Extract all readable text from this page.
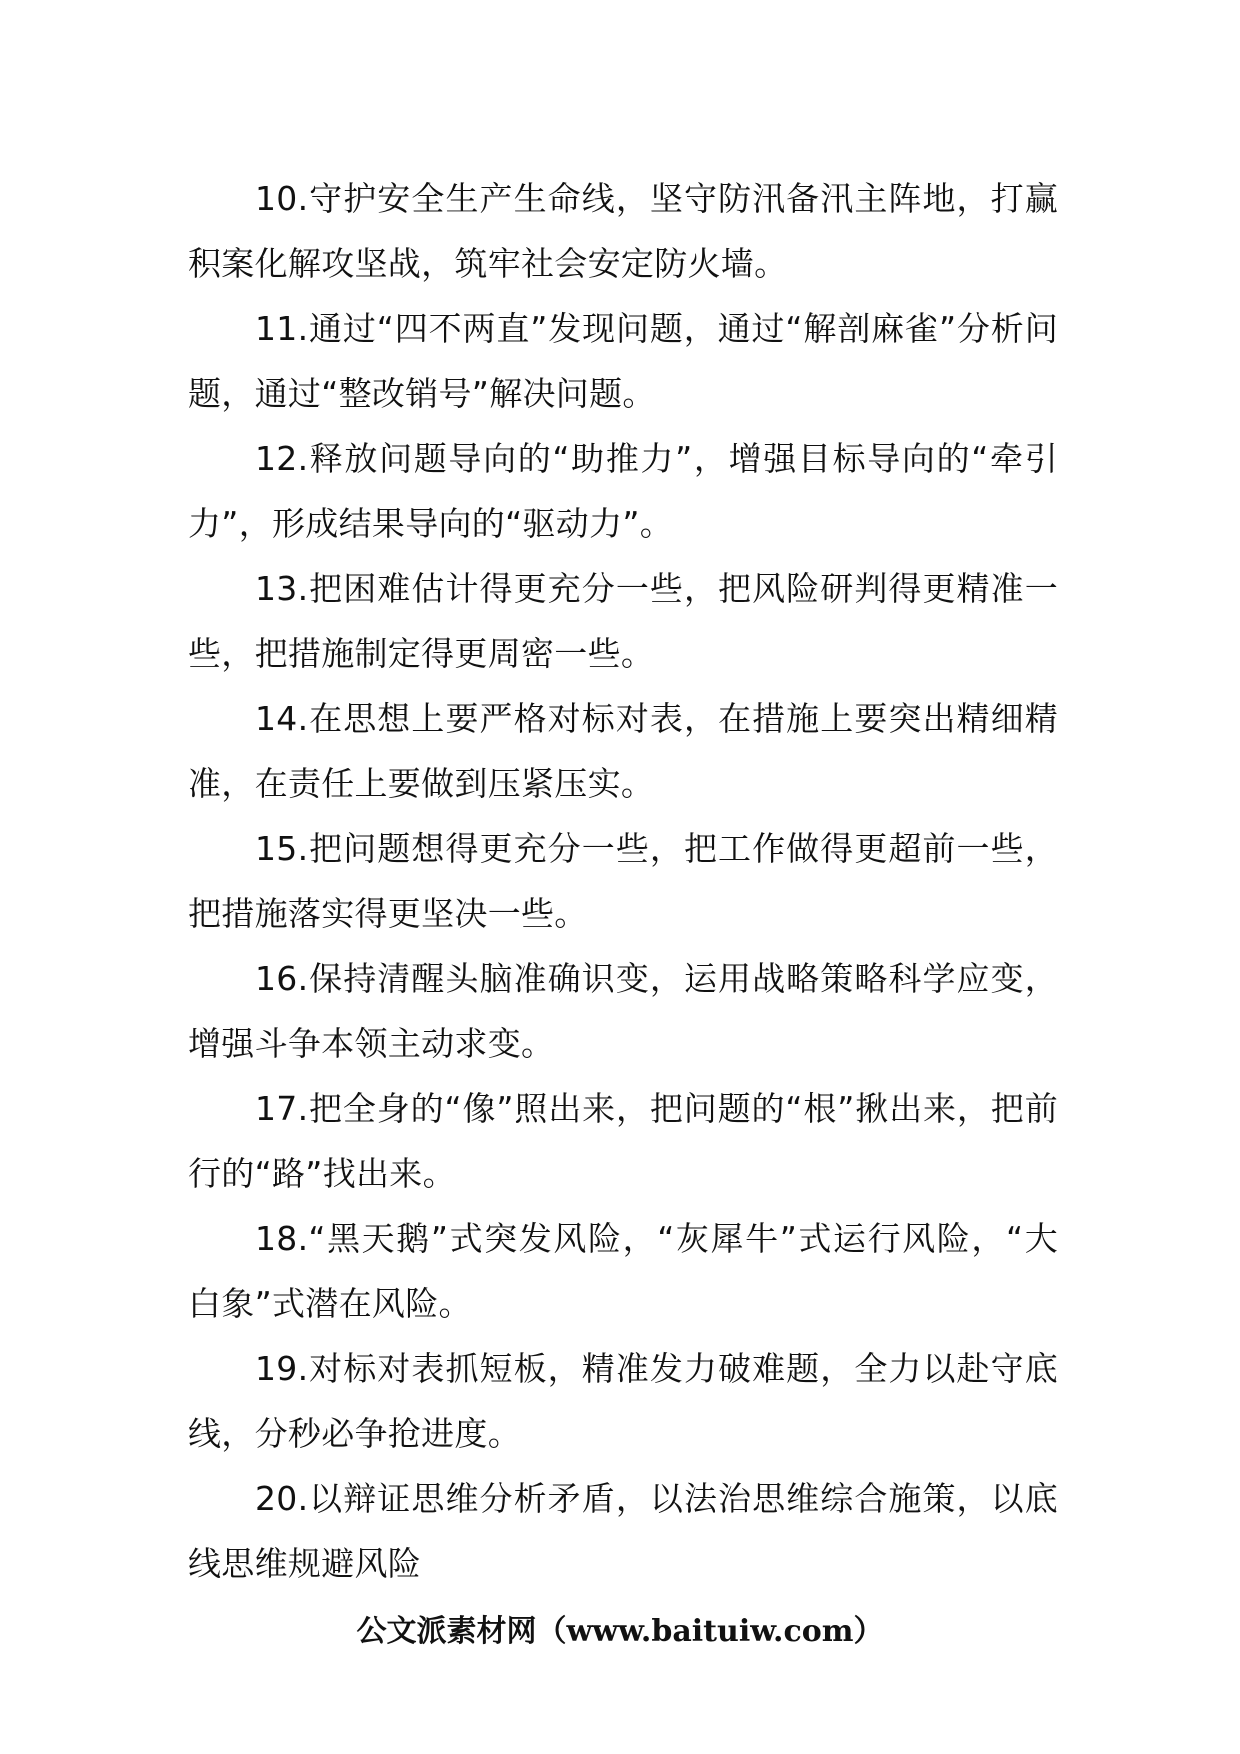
10.守护安全生产生命线，坚守防汛备汛主阵地，打赢积案化解攻坚战，筑牢社会安定防火墙。

11.通过“四不两直”发现问题，通过“解剖麻雀”分析问题，通过“整改销号”解决问题。

12.释放问题导向的“助推力”，增强目标导向的“牵引力”，形成结果导向的“驱动力”。

13.把困难估计得更充分一些，把风险研判得更精准一些，把措施制定得更周密一些。

14.在思想上要严格对标对表，在措施上要突出精细精准，在责任上要做到压紧压实。

15.把问题想得更充分一些，把工作做得更超前一些，把措施落实得更坚决一些。

16.保持清醒头脑准确识变，运用战略策略科学应变，增强斗争本领主动求变。

17.把全身的“像”照出来，把问题的“根”揪出来，把前行的“路”找出来。

18.“黑天鹅”式突发风险，“灰犀牛”式运行风险，“大白象”式潜在风险。

19.对标对表抓短板，精准发力破难题，全力以赴守底线，分秒必争抢进度。

20.以辩证思维分析矛盾，以法治思维综合施策，以底线思维规避风险

公文派素材网（www.baituiw.com）
